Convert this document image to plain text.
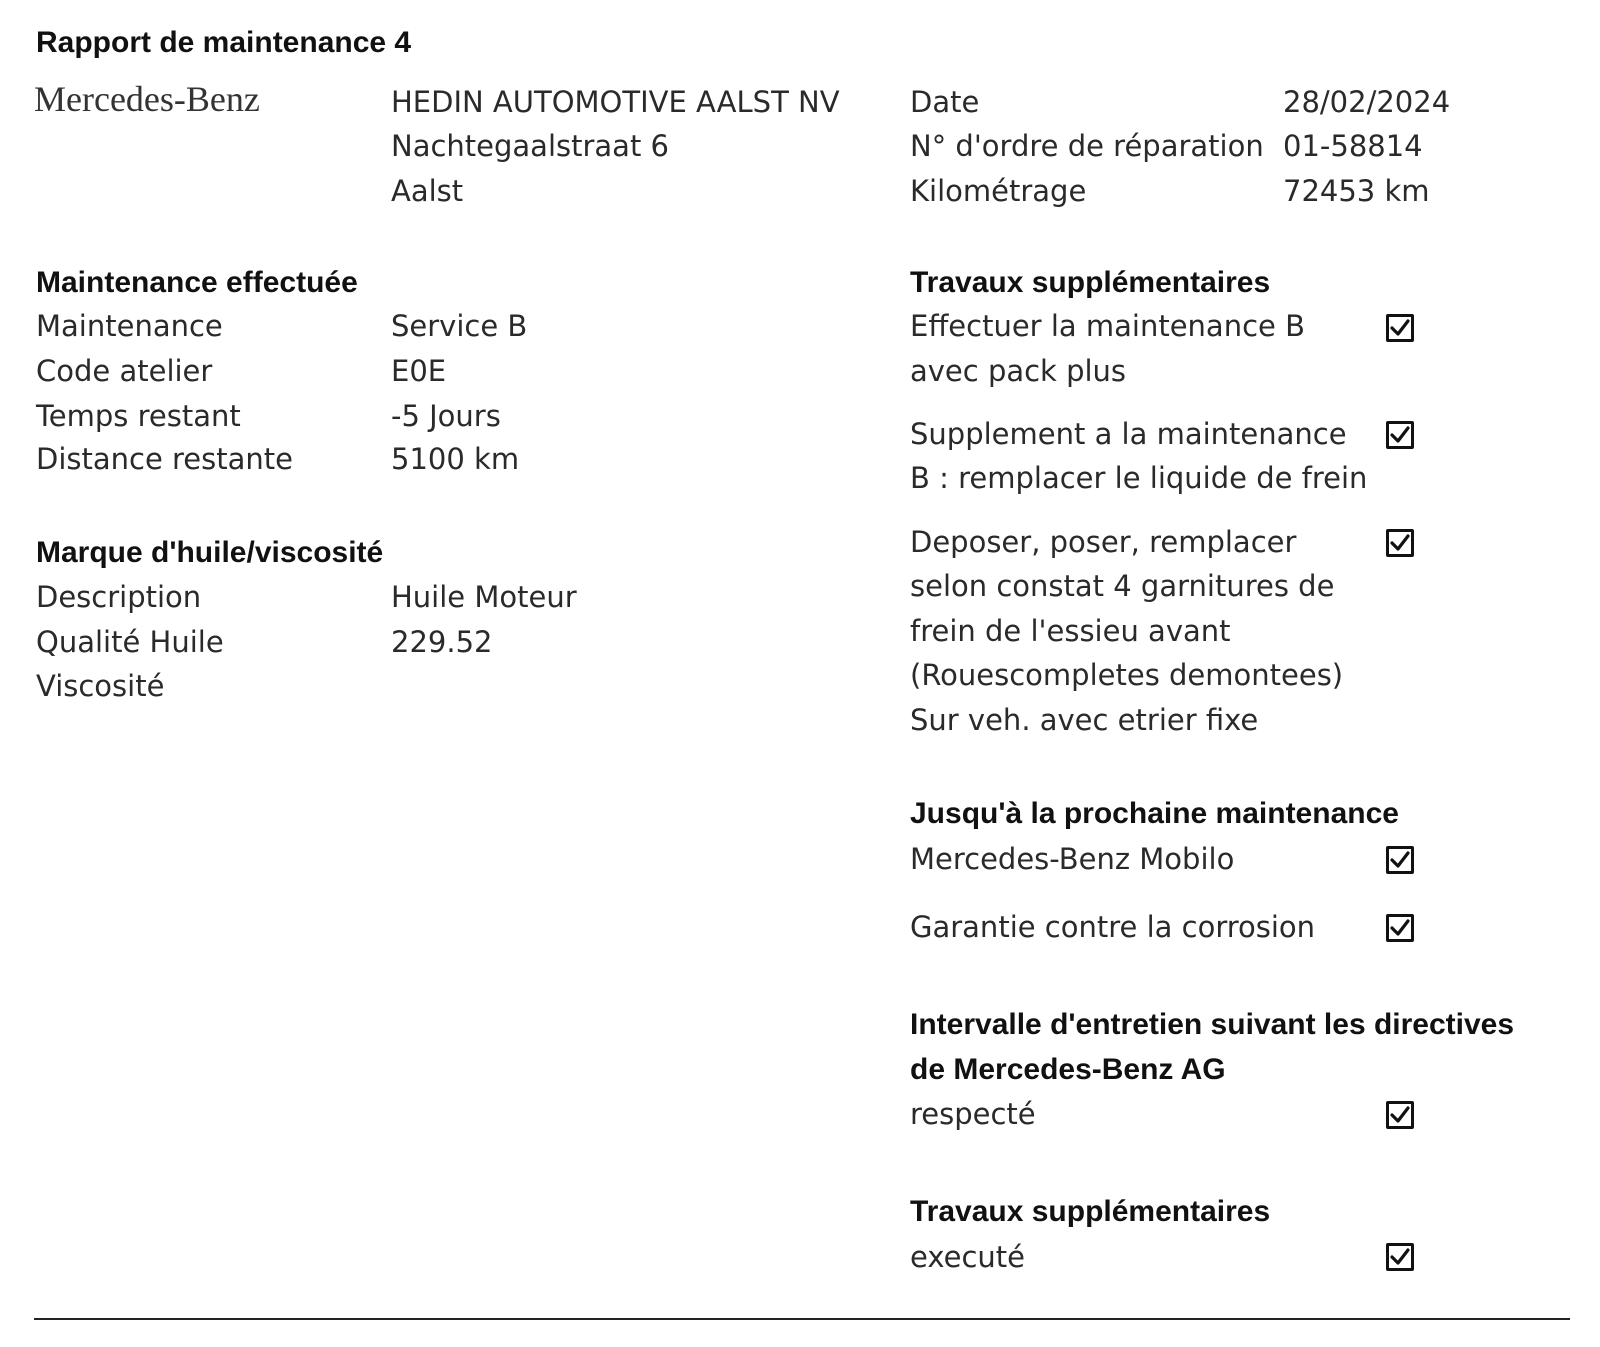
Rapport de maintenance 4
Mercedes-Benz	HEDIN AUTOMOTIVE AALST NV
Nachtegaalstraat 6
Aalst
Date	28/02/2024
N° d'ordre de réparation 01-58814
Kilométrage	72453 km
Maintenance effectuée
Maintenance	Service B
Code atelier	E0E
Temps restant	-5 Jours
Distance restante	5100 km
Marque d'huile/viscosité
Description	Huile Moteur
Qualité Huile	229.52
Viscosité
Travaux supplémentaires
Effectuer la maintenance B
avec pack plus
Supplement a la maintenance
B : remplacer le liquide de frein
Deposer, poser, remplacer
selon constat 4 garnitures de
frein de l'essieu avant
(Rouescompletes demontees)
Sur veh. avec etrier fixe
Jusqu'à la prochaine maintenance
Mercedes-Benz Mobilo
Garantie contre la corrosion
Intervalle d'entretien suivant les directives
de Mercedes-Benz AG
respecté
Travaux supplémentaires
executé
